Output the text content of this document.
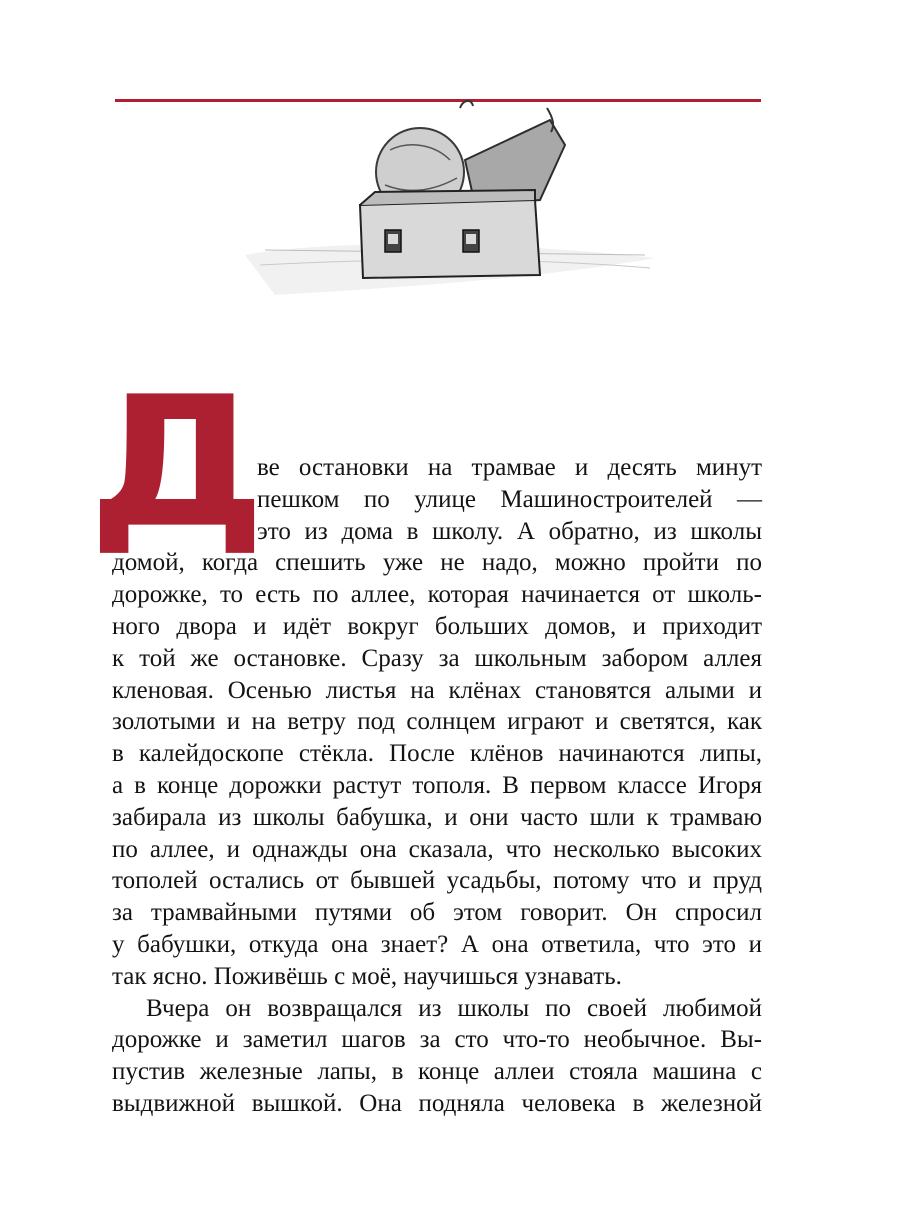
Д
ве остановки на трамвае и десять минут
пешком по улице Машиностроителей —
это из дома в школу. А обратно, из школы
домой, когда спешить уже не надо, можно пройти по
дорожке, то есть по аллее, которая начинается от школь-
ного двора и идёт вокруг больших домов, и приходит
к той же остановке. Сразу за школьным забором аллея
кленовая. Осенью листья на клёнах становятся алыми и
золотыми и на ветру под солнцем играют и светятся, как
в калейдоскопе стёкла. После клёнов начинаются липы,
а в конце дорожки растут тополя. В первом классе Игоря
забирала из школы бабушка, и они часто шли к трамваю
по аллее, и однажды она сказала, что несколько высоких
тополей остались от бывшей усадьбы, потому что и пруд
за трамвайными путями об этом говорит. Он спросил
у бабушки, откуда она знает? А она ответила, что это и
так ясно. Поживёшь с моё, научишься узнавать.
Вчера он возвращался из школы по своей любимой
дорожке и заметил шагов за сто что-то необычное. Вы-
пустив железные лапы, в конце аллеи стояла машина с
выдвижной вышкой. Она подняла человека в железной
